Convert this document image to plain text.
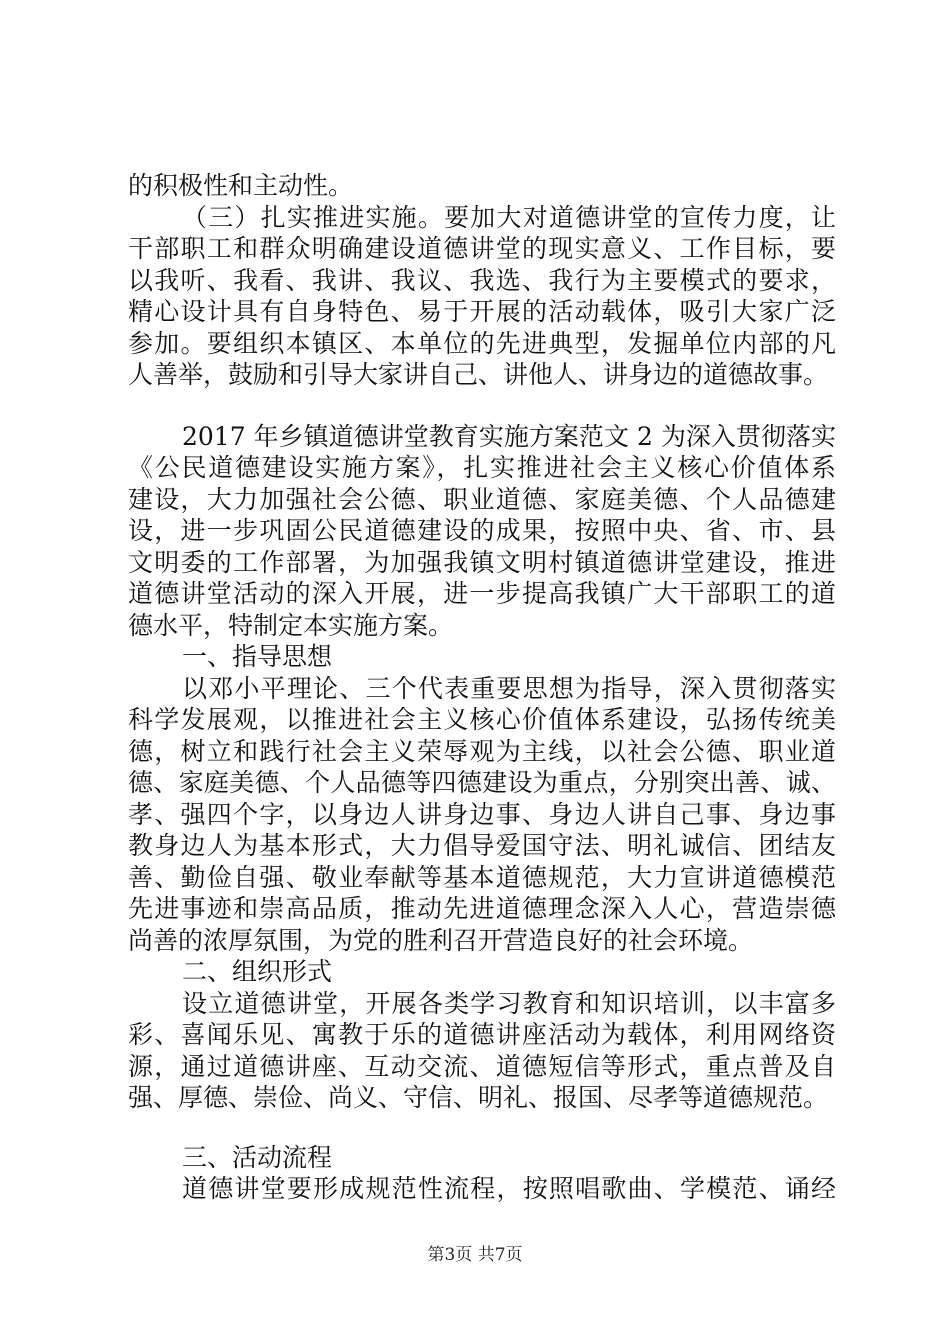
的积极性和主动性。
（三）扎实推进实施。要加大对道德讲堂的宣传力度，让
干部职工和群众明确建设道德讲堂的现实意义、工作目标，要
以我听、我看、我讲、我议、我选、我行为主要模式的要求，
精心设计具有自身特色、易于开展的活动载体，吸引大家广泛
参加。要组织本镇区、本单位的先进典型，发掘单位内部的凡
人善举，鼓励和引导大家讲自己、讲他人、讲身边的道德故事。
2017 年乡镇道德讲堂教育实施方案范文 2 为深入贯彻落实
《公民道德建设实施方案》，扎实推进社会主义核心价值体系
建设，大力加强社会公德、职业道德、家庭美德、个人品德建
设，进一步巩固公民道德建设的成果，按照中央、省、市、县
文明委的工作部署，为加强我镇文明村镇道德讲堂建设，推进
道德讲堂活动的深入开展，进一步提高我镇广大干部职工的道
德水平，特制定本实施方案。
一、指导思想
以邓小平理论、三个代表重要思想为指导，深入贯彻落实
科学发展观，以推进社会主义核心价值体系建设，弘扬传统美
德，树立和践行社会主义荣辱观为主线，以社会公德、职业道
德、家庭美德、个人品德等四德建设为重点，分别突出善、诚、
孝、强四个字，以身边人讲身边事、身边人讲自己事、身边事
教身边人为基本形式，大力倡导爱国守法、明礼诚信、团结友
善、勤俭自强、敬业奉献等基本道德规范，大力宣讲道德模范
先进事迹和崇高品质，推动先进道德理念深入人心，营造崇德
尚善的浓厚氛围，为党的胜利召开营造良好的社会环境。
二、组织形式
设立道德讲堂，开展各类学习教育和知识培训，以丰富多
彩、喜闻乐见、寓教于乐的道德讲座活动为载体，利用网络资
源，通过道德讲座、互动交流、道德短信等形式，重点普及自
强、厚德、崇俭、尚义、守信、明礼、报国、尽孝等道德规范。
三、活动流程
道德讲堂要形成规范性流程，按照唱歌曲、学模范、诵经
第3页 共7页
